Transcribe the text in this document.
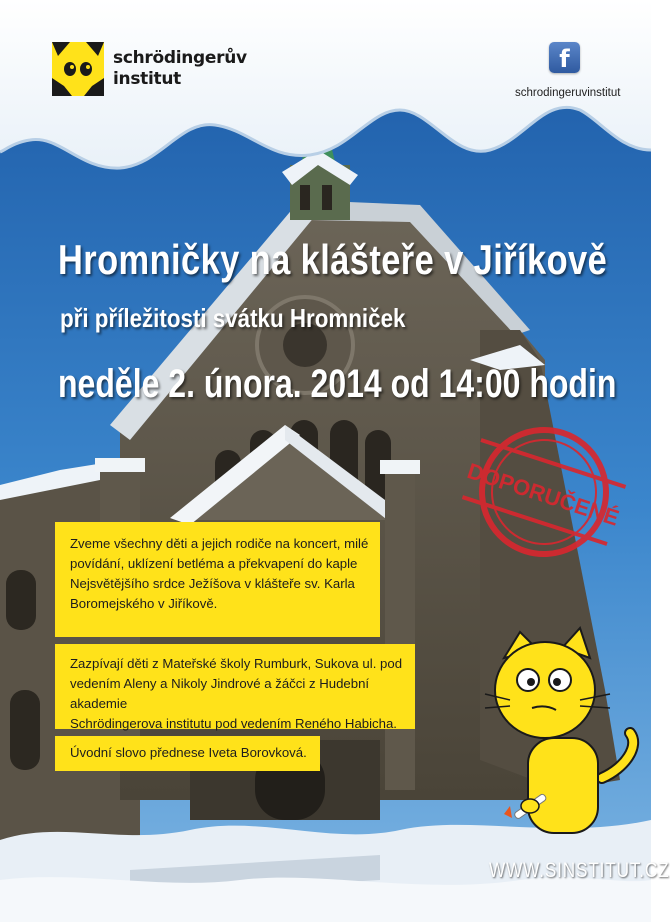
schrödingerův
institut
f
schrodingeruvinstitut
Hromničky na klášteře v Jiříkově
při příležitosti svátku Hromniček
neděle 2. února. 2014 od 14:00 hodin
DOPORUČENÉ
Zveme všechny děti a jejich rodiče na koncert, milé
povídání, uklízení betléma a překvapení do kaple
Nejsvětějšího srdce Ježíšova v klášteře sv. Karla
Boromejského v Jiříkově.
Zazpívají děti z Mateřské školy Rumburk, Sukova ul. pod
vedením Aleny a Nikoly Jindrové a žáčci z Hudební akademie
Schrödingerova institutu pod vedením Reného Habicha.
Úvodní slovo přednese Iveta Borovková.
WWW.SINSTITUT.CZ
